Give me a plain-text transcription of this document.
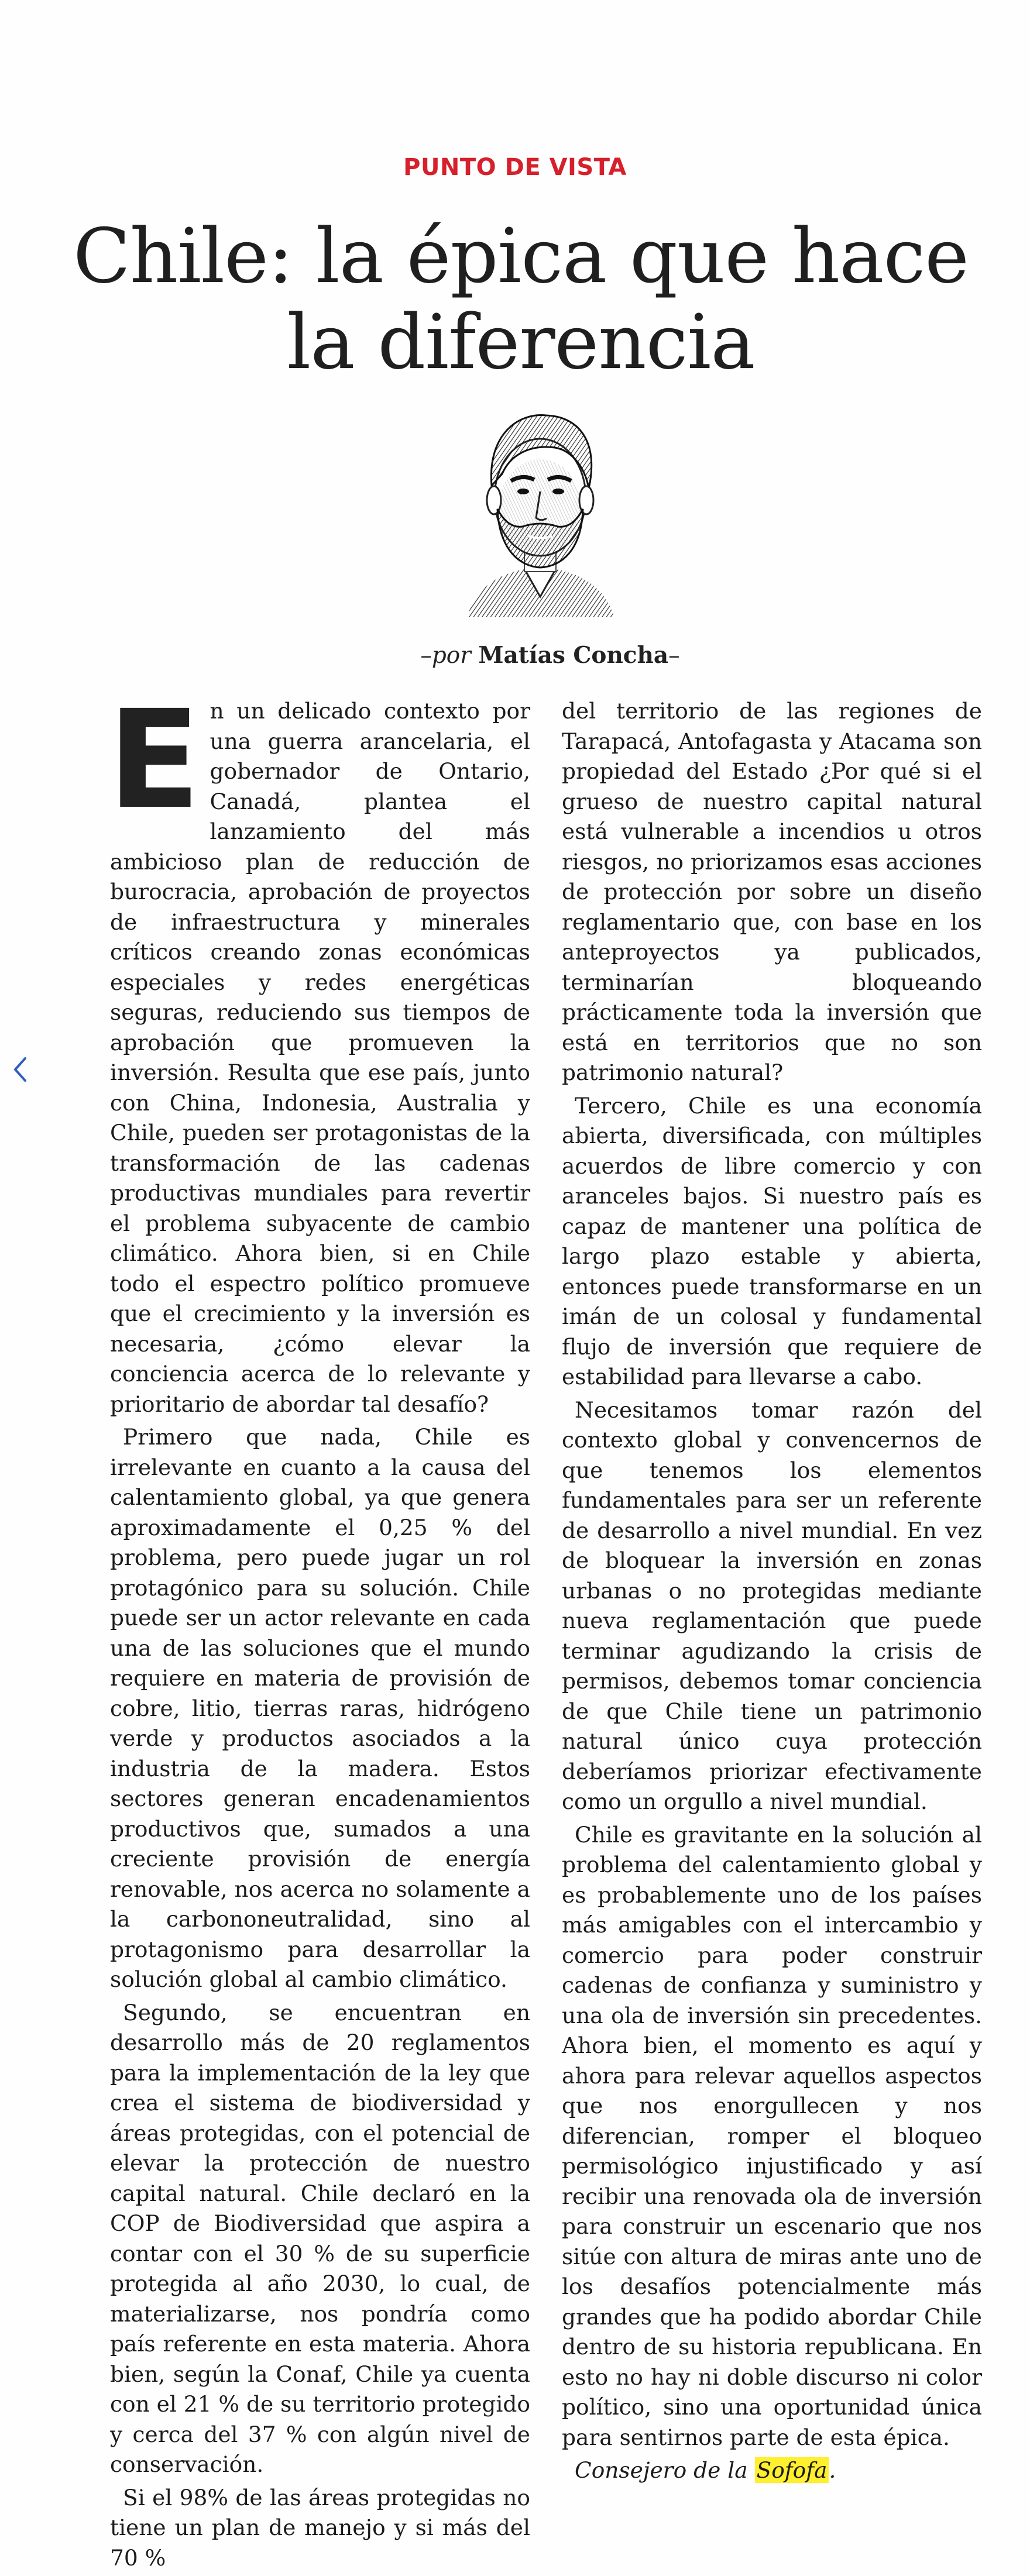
PUNTO DE VISTA
Chile: la épica que hace la diferencia
–por Matías Concha–

En un delicado contexto por una guerra arancelaria, el gobernador de Ontario, Canadá, plantea el lanzamiento del más ambicioso plan de reducción de burocracia, aprobación de proyectos de infraestructura y minerales críticos creando zonas económicas especiales y redes energéticas seguras, reduciendo sus tiempos de aprobación que promueven la inversión. Resulta que ese país, junto con China, Indonesia, Australia y Chile, pueden ser protagonistas de la transformación de las cadenas productivas mundiales para revertir el problema subyacente de cambio climático. Ahora bien, si en Chile todo el espectro político promueve que el crecimiento y la inversión es necesaria, ¿cómo elevar la conciencia acerca de lo relevante y prioritario de abordar tal desafío?

Primero que nada, Chile es irrelevante en cuanto a la causa del calentamiento global, ya que genera aproximadamente el 0,25 % del problema, pero puede jugar un rol protagónico para su solución. Chile puede ser un actor relevante en cada una de las soluciones que el mundo requiere en materia de provisión de cobre, litio, tierras raras, hidrógeno verde y productos asociados a la industria de la madera. Estos sectores generan encadenamientos productivos que, sumados a una creciente provisión de energía renovable, nos acerca no solamente a la carbononeutralidad, sino al protagonismo para desarrollar la solución global al cambio climático.

Segundo, se encuentran en desarrollo más de 20 reglamentos para la implementación de la ley que crea el sistema de biodiversidad y áreas protegidas, con el potencial de elevar la protección de nuestro capital natural. Chile declaró en la COP de Biodiversidad que aspira a contar con el 30 % de su superficie protegida al año 2030, lo cual, de materializarse, nos pondría como país referente en esta materia. Ahora bien, según la Conaf, Chile ya cuenta con el 21 % de su territorio protegido y cerca del 37 % con algún nivel de conservación.

Si el 98% de las áreas protegidas no tiene un plan de manejo y si más del 70 %

del territorio de las regiones de Tarapacá, Antofagasta y Atacama son propiedad del Estado ¿Por qué si el grueso de nuestro capital natural está vulnerable a incendios u otros riesgos, no priorizamos esas acciones de protección por sobre un diseño reglamentario que, con base en los anteproyectos ya publicados, terminarían bloqueando prácticamente toda la inversión que está en territorios que no son patrimonio natural?

Tercero, Chile es una economía abierta, diversificada, con múltiples acuerdos de libre comercio y con aranceles bajos. Si nuestro país es capaz de mantener una política de largo plazo estable y abierta, entonces puede transformarse en un imán de un colosal y fundamental flujo de inversión que requiere de estabilidad para llevarse a cabo.

Necesitamos tomar razón del contexto global y convencernos de que tenemos los elementos fundamentales para ser un referente de desarrollo a nivel mundial. En vez de bloquear la inversión en zonas urbanas o no protegidas mediante nueva reglamentación que puede terminar agudizando la crisis de permisos, debemos tomar conciencia de que Chile tiene un patrimonio natural único cuya protección deberíamos priorizar efectivamente como un orgullo a nivel mundial.

Chile es gravitante en la solución al problema del calentamiento global y es probablemente uno de los países más amigables con el intercambio y comercio para poder construir cadenas de confianza y suministro y una ola de inversión sin precedentes. Ahora bien, el momento es aquí y ahora para relevar aquellos aspectos que nos enorgullecen y nos diferencian, romper el bloqueo permisológico injustificado y así recibir una renovada ola de inversión para construir un escenario que nos sitúe con altura de miras ante uno de los desafíos potencialmente más grandes que ha podido abordar Chile dentro de su historia republicana. En esto no hay ni doble discurso ni color político, sino una oportunidad única para sentirnos parte de esta épica.

Consejero de la Sofofa.
